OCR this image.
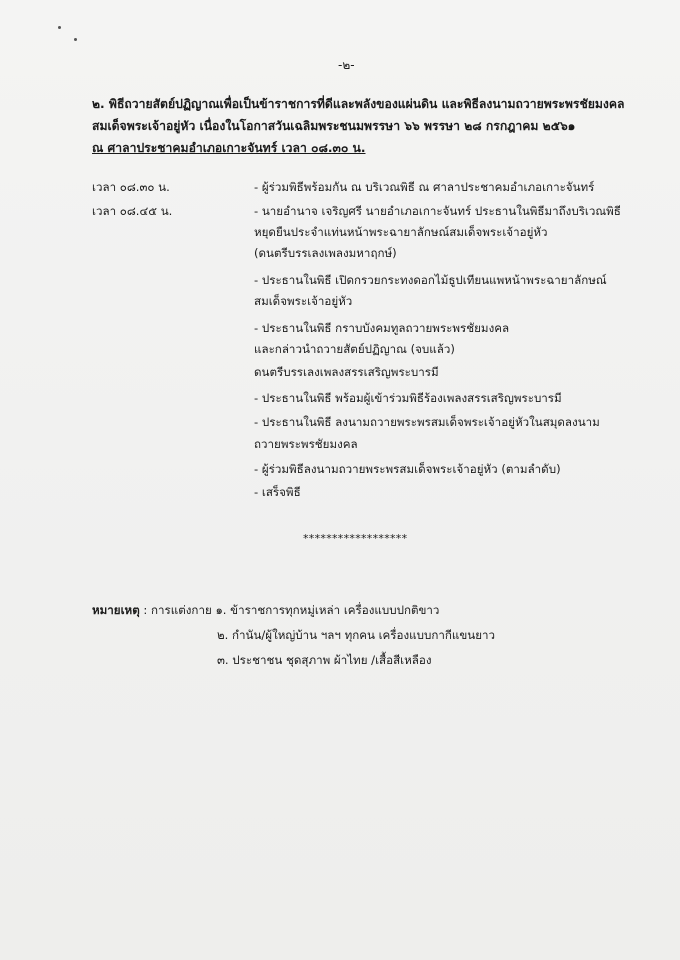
-๒-
๒. พิธีถวายสัตย์ปฏิญาณเพื่อเป็นข้าราชการที่ดีและพลังของแผ่นดิน และพิธีลงนามถวายพระพรชัยมงคล
สมเด็จพระเจ้าอยู่หัว เนื่องในโอกาสวันเฉลิมพระชนมพรรษา ๖๖ พรรษา ๒๘ กรกฎาคม ๒๕๖๑
ณ ศาลาประชาคมอำเภอเกาะจันทร์ เวลา ๐๘.๓๐ น.
เวลา ๐๘.๓๐ น.
เวลา ๐๘.๔๕ น.
- ผู้ร่วมพิธีพร้อมกัน ณ บริเวณพิธี ณ ศาลาประชาคมอำเภอเกาะจันทร์
- นายอำนาจ เจริญศรี นายอำเภอเกาะจันทร์ ประธานในพิธีมาถึงบริเวณพิธี
หยุดยืนประจำแท่นหน้าพระฉายาลักษณ์สมเด็จพระเจ้าอยู่หัว
(ดนตรีบรรเลงเพลงมหาฤกษ์)
- ประธานในพิธี เปิดกรวยกระทงดอกไม้ธูปเทียนแพหน้าพระฉายาลักษณ์
สมเด็จพระเจ้าอยู่หัว
- ประธานในพิธี กราบบังคมทูลถวายพระพรชัยมงคล
และกล่าวนำถวายสัตย์ปฏิญาณ (จบแล้ว)
ดนตรีบรรเลงเพลงสรรเสริญพระบารมี
- ประธานในพิธี พร้อมผู้เข้าร่วมพิธีร้องเพลงสรรเสริญพระบารมี
- ประธานในพิธี ลงนามถวายพระพรสมเด็จพระเจ้าอยู่หัวในสมุดลงนาม
ถวายพระพรชัยมงคล
- ผู้ร่วมพิธีลงนามถวายพระพรสมเด็จพระเจ้าอยู่หัว (ตามลำดับ)
- เสร็จพิธี
******************
หมายเหตุ : การแต่งกาย ๑. ข้าราชการทุกหมู่เหล่า เครื่องแบบปกติขาว
๒. กำนัน/ผู้ใหญ่บ้าน ฯลฯ ทุกคน เครื่องแบบกากีแขนยาว
๓. ประชาชน ชุดสุภาพ ผ้าไทย /เสื้อสีเหลือง
